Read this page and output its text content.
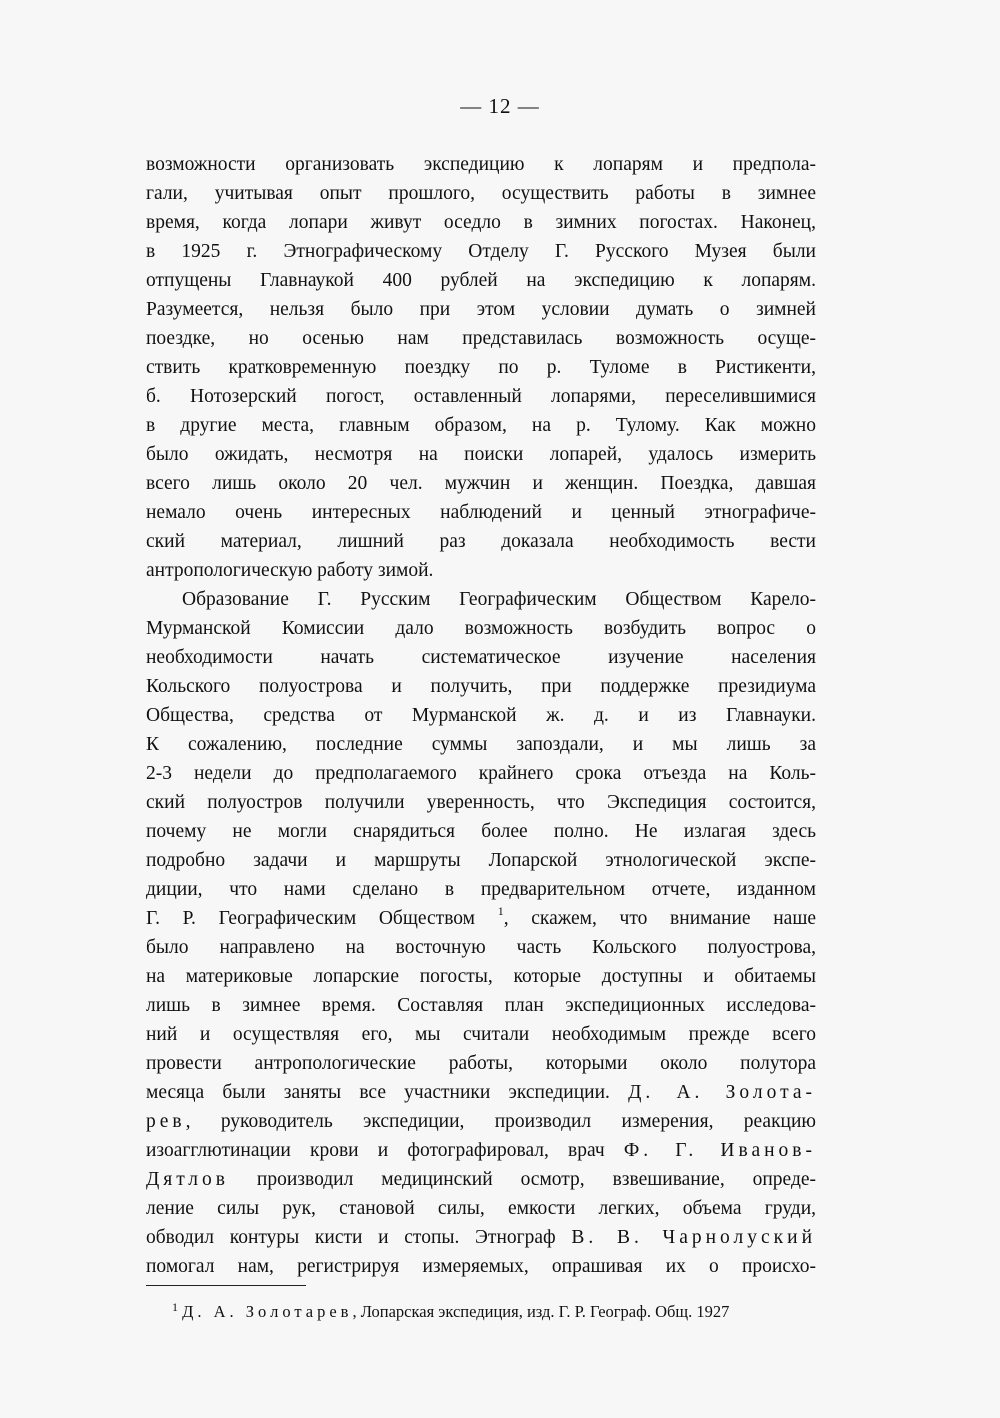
— 12 —
возможности организовать экспедицию к лопарям и предпола-
гали, учитывая опыт прошлого, осуществить работы в зимнее
время, когда лопари живут оседло в зимних погостах. Наконец,
в 1925 г. Этнографическому Отделу Г. Русского Музея были
отпущены Главнаукой 400 рублей на экспедицию к лопарям.
Разумеется, нельзя было при этом условии думать о зимней
поездке, но осенью нам представилась возможность осуще-
ствить кратковременную поездку по р. Туломе в Ристикенти,
б. Нотозерский погост, оставленный лопарями, переселившимися
в другие места, главным образом, на р. Тулому. Как можно
было ожидать, несмотря на поиски лопарей, удалось измерить
всего лишь около 20 чел. мужчин и женщин. Поездка, давшая
немало очень интересных наблюдений и ценный этнографиче-
ский материал, лишний раз доказала необходимость вести
антропологическую работу зимой.
Образование Г. Русским Географическим Обществом Карело-
Мурманской Комиссии дало возможность возбудить вопрос о
необходимости начать систематическое изучение населения
Кольского полуострова и получить, при поддержке президиума
Общества, средства от Мурманской ж. д. и из Главнауки.
К сожалению, последние суммы запоздали, и мы лишь за
2-3 недели до предполагаемого крайнего срока отъезда на Коль-
ский полуостров получили уверенность, что Экспедиция состоится,
почему не могли снарядиться более полно. Не излагая здесь
подробно задачи и маршруты Лопарской этнологической экспе-
диции, что нами сделано в предварительном отчете, изданном
Г. Р. Географическим Обществом $^1$, скажем, что внимание наше
было направлено на восточную часть Кольского полуострова,
на материковые лопарские погосты, которые доступны и обитаемы
лишь в зимнее время. Составляя план экспедиционных исследова-
ний и осуществляя его, мы считали необходимым прежде всего
провести антропологические работы, которыми около полутора
месяца были заняты все участники экспедиции. Д. А. Золота-
рев, руководитель экспедиции, производил измерения, реакцию
изоагглютинации крови и фотографировал, врач Ф. Г. Иванов-
Дятлов производил медицинский осмотр, взвешивание, опреде-
ление силы рук, становой силы, емкости легких, объема груди,
обводил контуры кисти и стопы. Этнограф В. В. Чарнолуский
помогал нам, регистрируя измеряемых, опрашивая их о происхо-
$^1$ Д. А. Золотарев, Лопарская экспедиция, изд. Г. Р. Географ. Общ. 1927
